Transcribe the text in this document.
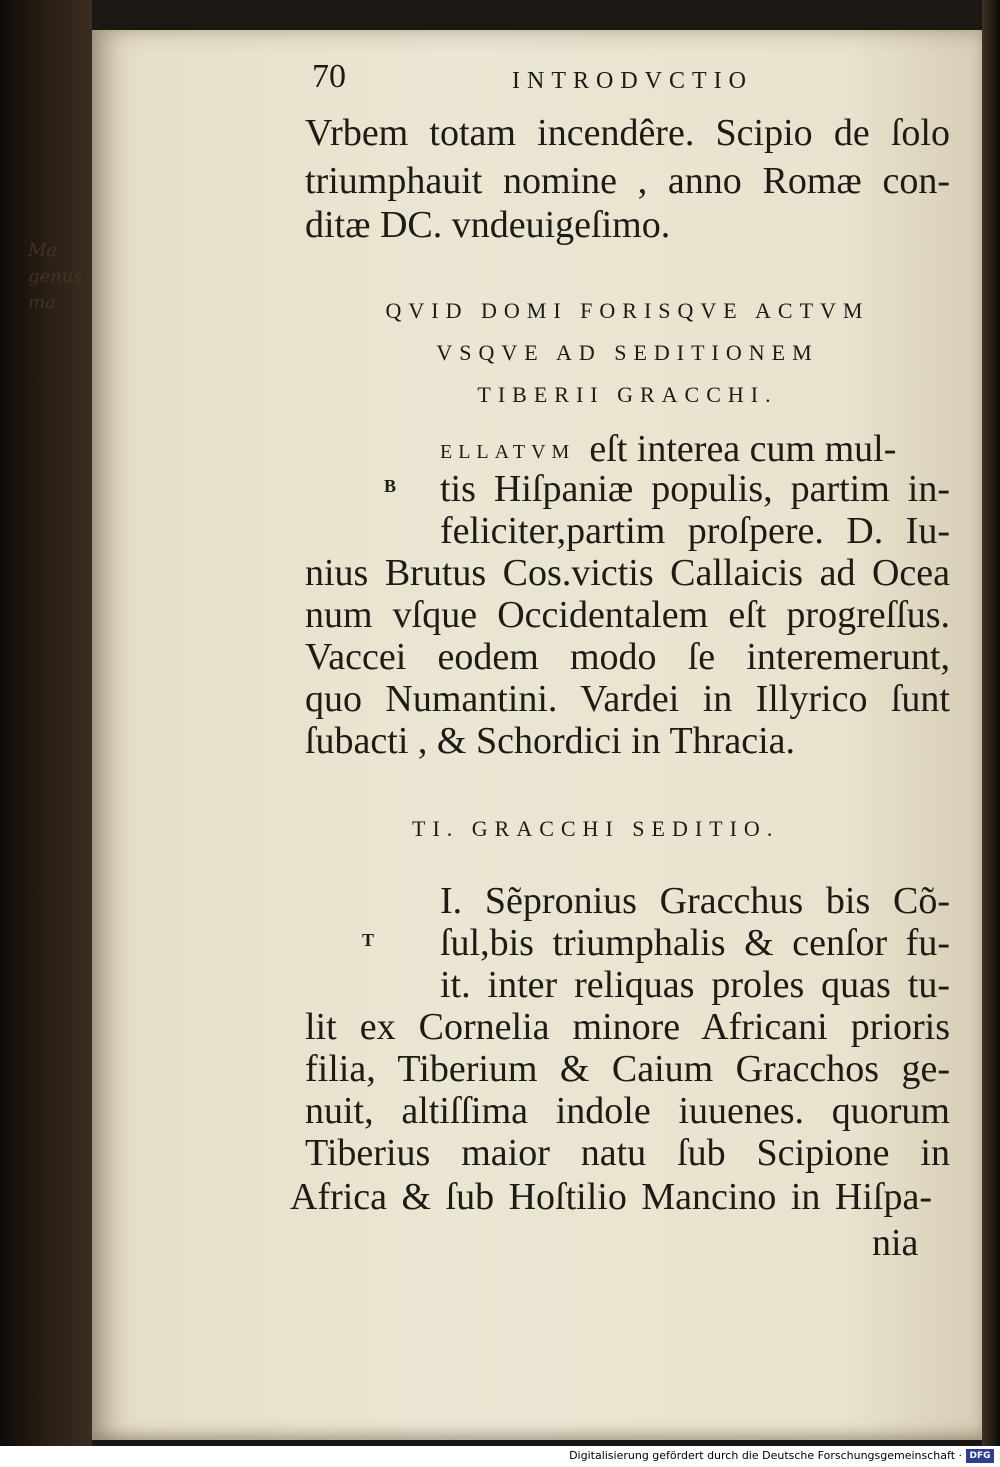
Ma
genus
ma
70	INTRODVCTIO
Vrbem totam incendêre. Scipio de ſolo
triumphauit nomine , anno Romæ con-
ditæ DC. vndeuigeſimo.
QVID DOMI FORISQVE ACTVM
VSQVE AD SEDITIONEM
TIBERII GRACCHI.
B
ELLATVM eſt interea cum mul-
tis Hiſpaniæ populis, partim in-
feliciter,partim proſpere. D. Iu-
nius Brutus Cos.victis Callaicis ad Ocea
num vſque Occidentalem eſt progreſſus.
Vaccei eodem modo ſe interemerunt,
quo Numantini. Vardei in Illyrico ſunt
ſubacti , & Schordici in Thracia.
TI. GRACCHI SEDITIO.
T
I. Sẽpronius Gracchus bis Cõ-
ſul,bis triumphalis & cenſor fu-
it. inter reliquas proles quas tu-
lit ex Cornelia minore Africani prioris
filia, Tiberium & Caium Gracchos ge-
nuit, altiſſima indole iuuenes. quorum
Tiberius maior natu ſub Scipione in
Africa & ſub Hoſtilio Mancino in Hiſpa-
nia
Digitalisierung gefördert durch die Deutsche Forschungsgemeinschaft · DFG
